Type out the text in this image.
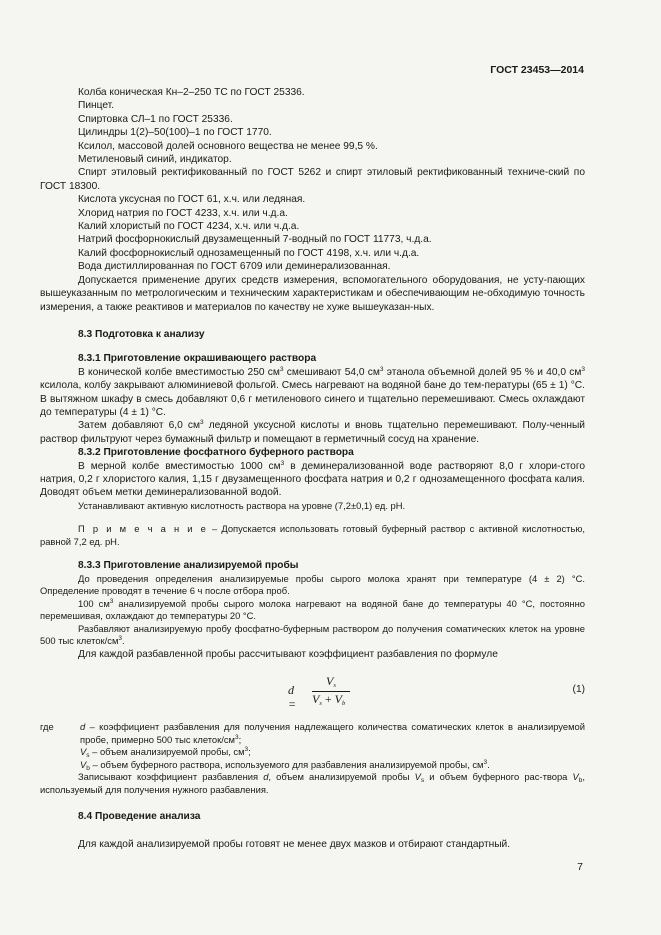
ГОСТ 23453—2014

Колба коническая Кн–2–250 ТС по ГОСТ 25336.

Пинцет.

Спиртовка СЛ–1 по ГОСТ 25336.

Цилиндры 1(2)–50(100)–1 по ГОСТ 1770.

Ксилол, массовой долей основного вещества не менее 99,5 %.

Метиленовый синий, индикатор.

Спирт этиловый ректификованный по ГОСТ 5262 и спирт этиловый ректификованный техниче-ский по ГОСТ 18300.

Кислота уксусная по ГОСТ 61, х.ч. или ледяная.

Хлорид натрия по ГОСТ 4233, х.ч. или ч.д.а.

Калий хлористый по ГОСТ 4234, х.ч. или ч.д.а.

Натрий фосфорнокислый двузамещенный 7-водный по ГОСТ 11773, ч.д.а.

Калий фосфорнокислый однозамещенный по ГОСТ 4198, х.ч. или ч.д.а.

Вода дистиллированная по ГОСТ 6709 или деминерализованная.

Допускается применение других средств измерения, вспомогательного оборудования, не усту-пающих вышеуказанным по метрологическим и техническим характеристикам и обеспечивающим не-обходимую точность измерения, а также реактивов и материалов по качеству не хуже вышеуказан-ных.

8.3 Подготовка к анализу

8.3.1 Приготовление окрашивающего раствора

В конической колбе вместимостью 250 $см^3$ смешивают 54,0 $см^3$ этанола объемной долей 95 % и 40,0 $см^3$ ксилола, колбу закрывают алюминиевой фольгой. Смесь нагревают на водяной бане до тем-пературы (65 ± 1) °С. В вытяжном шкафу в смесь добавляют 0,6 г метиленового синего и тщательно перемешивают. Смесь охлаждают до температуры (4 ± 1) °С.

Затем добавляют 6,0 $см^3$ ледяной уксусной кислоты и вновь тщательно перемешивают. Полу-ченный раствор фильтруют через бумажный фильтр и помещают в герметичный сосуд на хранение.

8.3.2 Приготовление фосфатного буферного раствора

В мерной колбе вместимостью 1000 $см^3$ в деминерализованной воде растворяют 8,0 г хлори-стого натрия, 0,2 г хлористого калия, 1,15 г двузамещенного фосфата натрия и 0,2 г однозамещенного фосфата калия. Доводят объем метки деминерализованной водой.

Устанавливают активную кислотность раствора на уровне (7,2±0,1) ед. рН.

П р и м е ч а н и е – Допускается использовать готовый буферный раствор с активной кислотностью, равной 7,2 ед. рН.

8.3.3 Приготовление анализируемой пробы

До проведения определения анализируемые пробы сырого молока хранят при температуре (4 ± 2) °С. Определение проводят в течение 6 ч после отбора проб.

100 $см^3$ анализируемой пробы сырого молока нагревают на водяной бане до температуры 40 °С, постоянно перемешивая, охлаждают до температуры 20 °С.

Разбавляют анализируемую пробу фосфатно-буферным раствором до получения соматических клеток на уровне 500 тыс клеток/$см^3$.

Для каждой разбавленной пробы рассчитывают коэффициент разбавления по формуле

d =
$V_s$
$V_s + V_b$
(1)
где	d – коэффициент разбавления для получения надлежащего количества соматических клеток в анализируемой пробе, примерно 500 тыс клеток/$см^3$;

$V_s$ – объем анализируемой пробы, $см^3$;

$V_b$ – объем буферного раствора, используемого для разбавления анализируемой пробы, $см^3$.

Записывают коэффициент разбавления d, объем анализируемой пробы $V_s$ и объем буферного рас-твора $V_b$, используемый для получения нужного разбавления.

8.4 Проведение анализа

Для каждой анализируемой пробы готовят не менее двух мазков и отбирают стандартный.

7
